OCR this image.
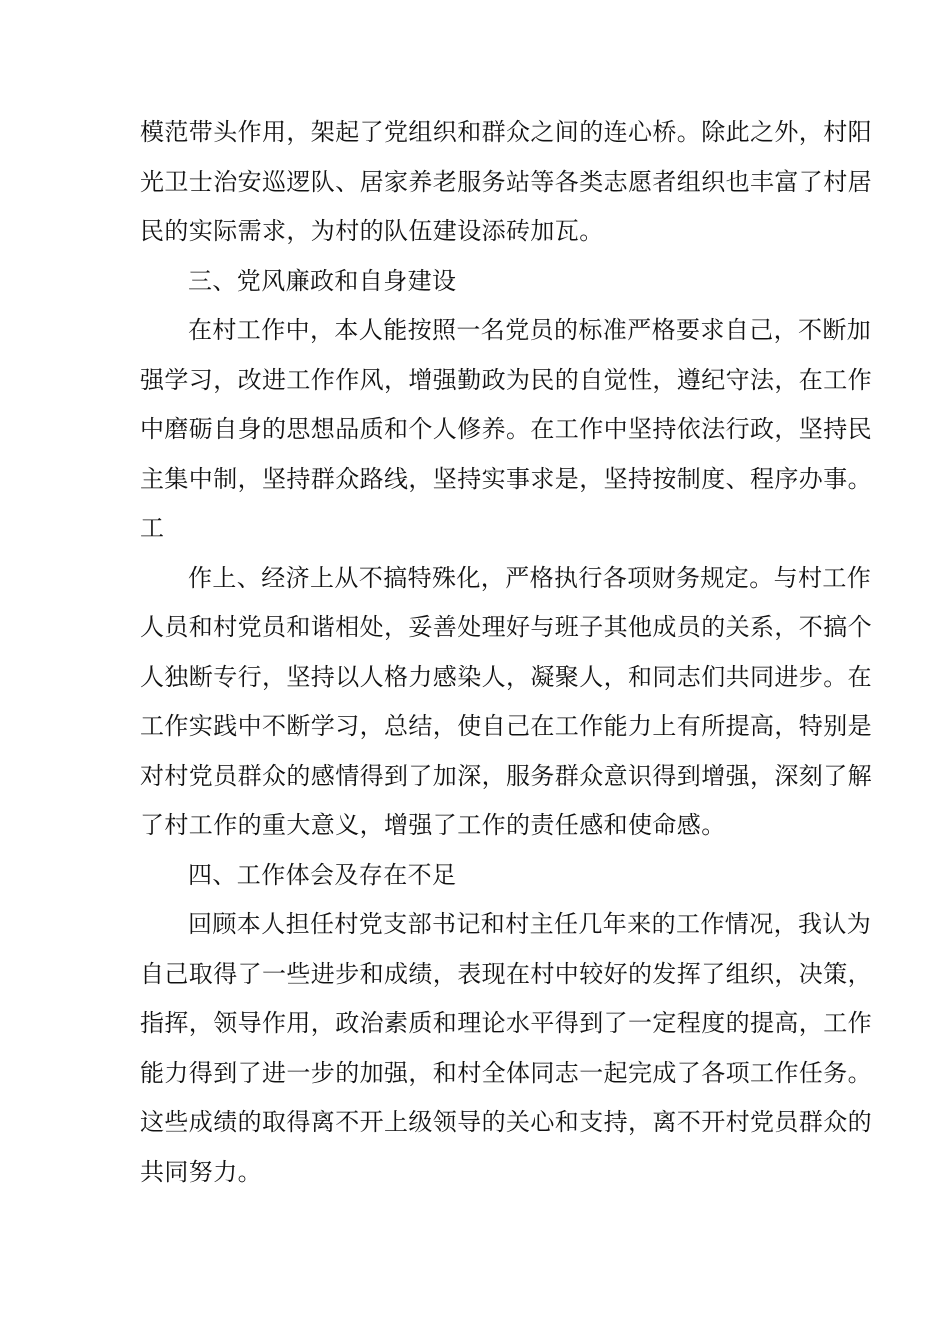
模范带头作用，架起了党组织和群众之间的连心桥。除此之外，村阳
光卫士治安巡逻队、居家养老服务站等各类志愿者组织也丰富了村居
民的实际需求，为村的队伍建设添砖加瓦。
三、党风廉政和自身建设
在村工作中，本人能按照一名党员的标准严格要求自己，不断加
强学习，改进工作作风，增强勤政为民的自觉性，遵纪守法，在工作
中磨砺自身的思想品质和个人修养。在工作中坚持依法行政，坚持民
主集中制，坚持群众路线，坚持实事求是，坚持按制度、程序办事。
工
作上、经济上从不搞特殊化，严格执行各项财务规定。与村工作
人员和村党员和谐相处，妥善处理好与班子其他成员的关系，不搞个
人独断专行，坚持以人格力感染人，凝聚人，和同志们共同进步。在
工作实践中不断学习，总结，使自己在工作能力上有所提高，特别是
对村党员群众的感情得到了加深，服务群众意识得到增强，深刻了解
了村工作的重大意义，增强了工作的责任感和使命感。
四、工作体会及存在不足
回顾本人担任村党支部书记和村主任几年来的工作情况，我认为
自己取得了一些进步和成绩，表现在村中较好的发挥了组织，决策，
指挥，领导作用，政治素质和理论水平得到了一定程度的提高，工作
能力得到了进一步的加强，和村全体同志一起完成了各项工作任务。
这些成绩的取得离不开上级领导的关心和支持，离不开村党员群众的
共同努力。
